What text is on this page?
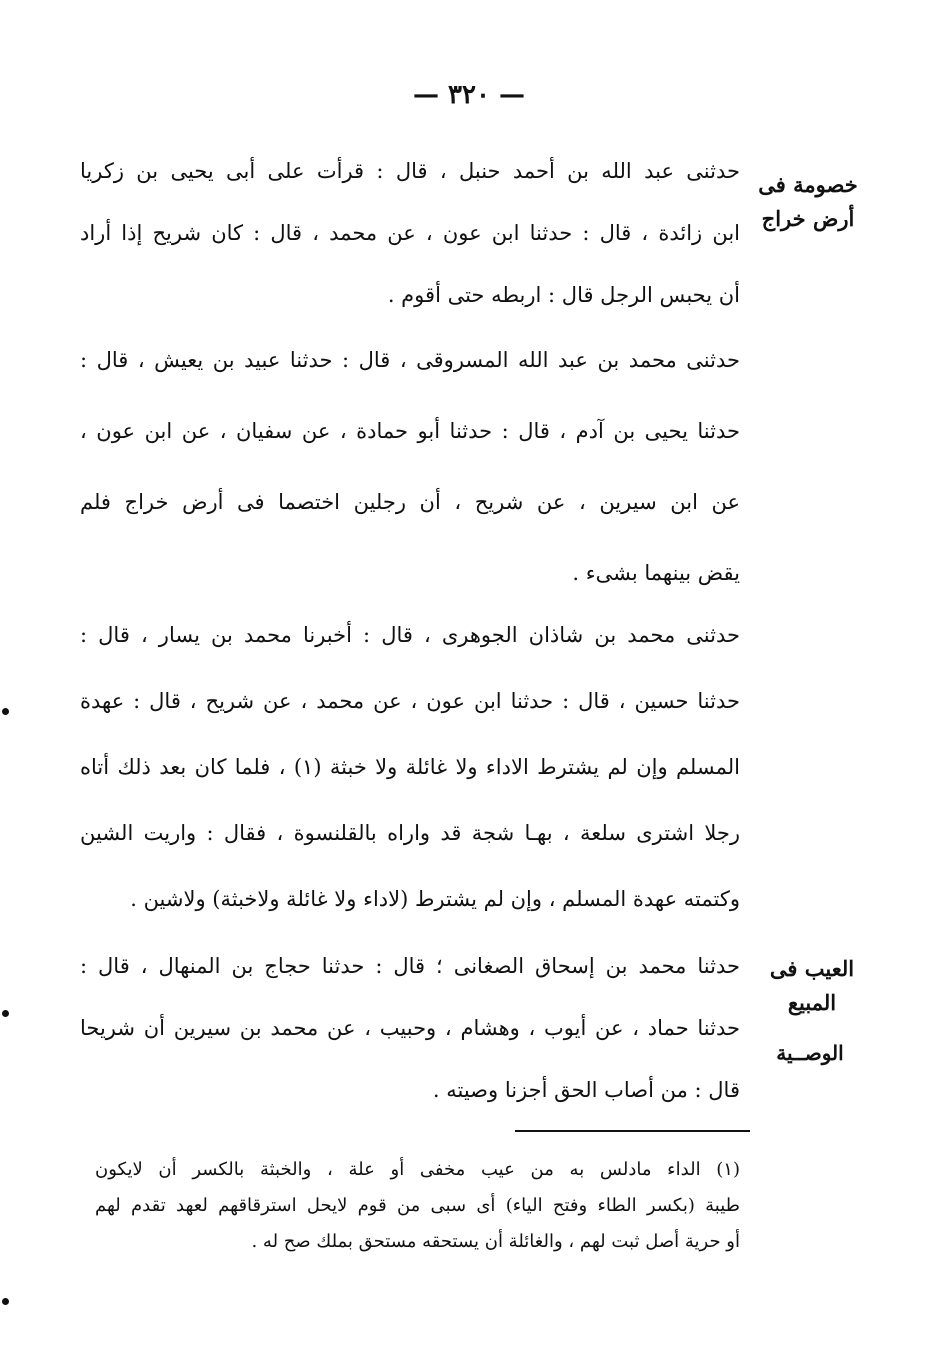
— ٣٢٠ —
خصومة فى
أرض خراج
العيب فى المبيع
الوصــية
حدثنى عبد الله بن أحمد حنبل ، قال : قرأت على أبى يحيى بن زكريا
ابن زائدة ، قال : حدثنا ابن عون ، عن محمد ، قال : كان شريح إذا أراد
أن يحبس الرجل قال : اربطه حتى أقوم .
حدثنى محمد بن عبد الله المسروقى ، قال : حدثنا عبيد بن يعيش ، قال :
حدثنا يحيى بن آدم ، قال : حدثنا أبو حمادة ، عن سفيان ، عن ابن عون ،
عن ابن سيرين ، عن شريح ، أن رجلين اختصما فى أرض خراج فلم
يقض بينهما بشىء .
حدثنى محمد بن شاذان الجوهرى ، قال : أخبرنا محمد بن يسار ، قال :
حدثنا حسين ، قال : حدثنا ابن عون ، عن محمد ، عن شريح ، قال : عهدة
المسلم وإن لم يشترط الاداء ولا غائلة ولا خبثة (١) ، فلما كان بعد ذلك أتاه
رجلا اشترى سلعة ، بهـا شجة قد واراه بالقلنسوة ، فقال : واريت الشين
وكتمته عهدة المسلم ، وإن لم يشترط (لاداء ولا غائلة ولاخبثة) ولاشين .
حدثنا محمد بن إسحاق الصغانى ؛ قال : حدثنا حجاج بن المنهال ، قال :
حدثنا حماد ، عن أيوب ، وهشام ، وحبيب ، عن محمد بن سيرين أن شريحا
قال : من أصاب الحق أجزنا وصيته .
(١) الداء مادلس به من عيب مخفى أو علة ، والخبثة بالكسر أن لايكون
طيبة (بكسر الطاء وفتح الياء) أى سبى من قوم لايحل استرقاقهم لعهد تقدم لهم
أو حرية أصل ثبت لهم ، والغائلة أن يستحقه مستحق بملك صح له .
